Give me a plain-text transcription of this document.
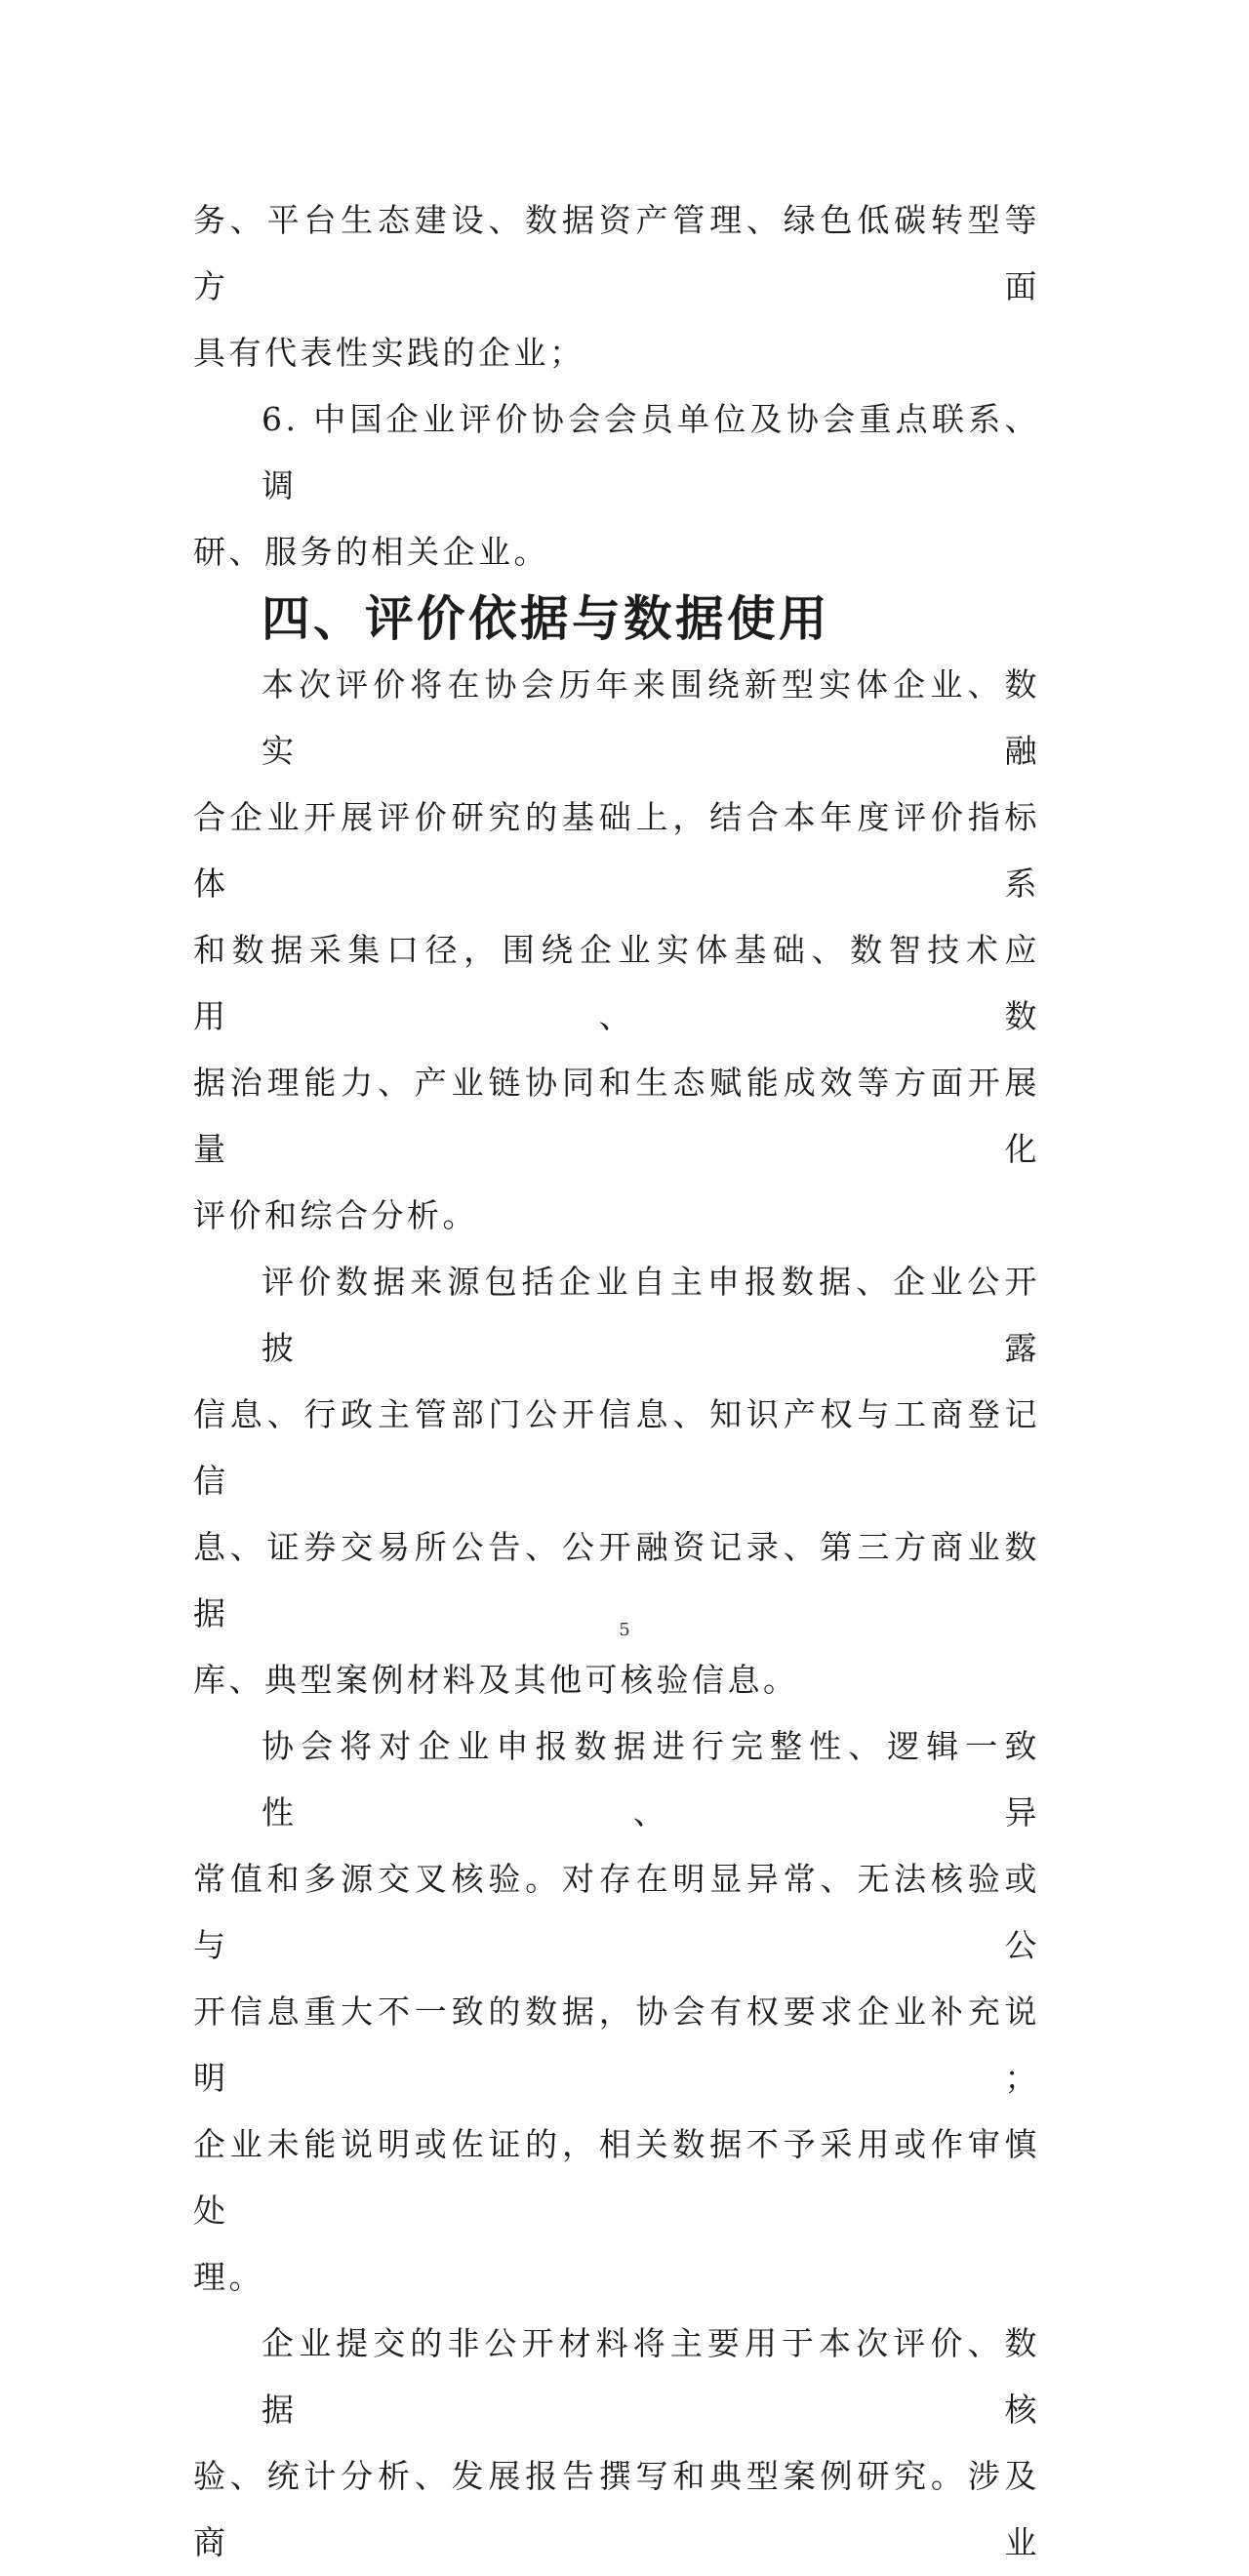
务、平台生态建设、数据资产管理、绿色低碳转型等方面
具有代表性实践的企业；

6. 中国企业评价协会会员单位及协会重点联系、调
研、服务的相关企业。

四、评价依据与数据使用

本次评价将在协会历年来围绕新型实体企业、数实融
合企业开展评价研究的基础上，结合本年度评价指标体系
和数据采集口径，围绕企业实体基础、数智技术应用、数
据治理能力、产业链协同和生态赋能成效等方面开展量化
评价和综合分析。

评价数据来源包括企业自主申报数据、企业公开披露
信息、行政主管部门公开信息、知识产权与工商登记信
息、证券交易所公告、公开融资记录、第三方商业数据
库、典型案例材料及其他可核验信息。

协会将对企业申报数据进行完整性、逻辑一致性、异
常值和多源交叉核验。对存在明显异常、无法核验或与公
开信息重大不一致的数据，协会有权要求企业补充说明；
企业未能说明或佐证的，相关数据不予采用或作审慎处
理。

企业提交的非公开材料将主要用于本次评价、数据核
验、统计分析、发展报告撰写和典型案例研究。涉及商业

5
